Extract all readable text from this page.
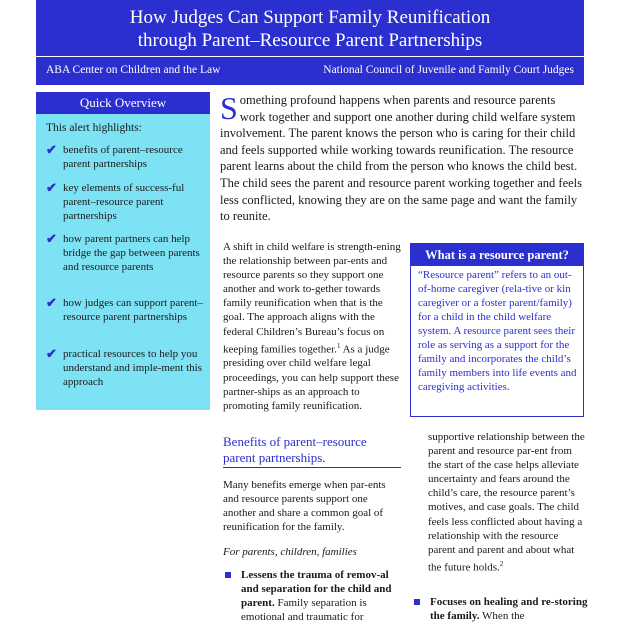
How Judges Can Support Family Reunification
through Parent–Resource Parent Partnerships
ABA Center on Children and the Law	National Council of Juvenile and Family Court Judges
Quick Overview
This alert highlights:
✔ benefits of parent–resource parent partnerships
✔ key elements of success-ful parent–resource parent partnerships
✔ how parent partners can help bridge the gap between parents and resource parents
✔ how judges can support parent–resource parent partnerships
✔ practical resources to help you understand and imple-ment this approach
Something profound happens when parents and resource parents work together and support one another during child welfare system involvement. The parent knows the person who is caring for their child and feels supported while working towards reunification. The resource parent learns about the child from the person who knows the child best. The child sees the parent and resource parent working together and feels less conflicted, knowing they are on the same page and want the family to reunite.
A shift in child welfare is strength-ening the relationship between par-ents and resource parents so they support one another and work to-gether towards family reunification when that is the goal. The approach aligns with the federal Children’s Bureau’s focus on keeping families together.$^1$ As a judge presiding over child welfare legal proceedings, you can help support these partner-ships as an approach to promoting family reunification.
What is a resource parent?
“Resource parent” refers to an out-of-home caregiver (rela-tive or kin caregiver or a foster parent/family) for a child in the child welfare system. A resource parent sees their role as serving as a support for the family and incorporates the child’s family members into life events and caregiving activities.
Benefits of parent–resource parent partnerships.
Many benefits emerge when par-ents and resource parents support one another and share a common goal of reunification for the family.
For parents, children, families
Lessens the trauma of remov-al and separation for the child and parent. Family separation is emotional and traumatic for
supportive relationship between the parent and resource par-ent from the start of the case helps alleviate uncertainty and fears around the child’s care, the resource parent’s motives, and case goals. The child feels less conflicted about having a relationship with the resource parent and parent and about what the future holds.$^2$
Focuses on healing and re-storing the family. When the
